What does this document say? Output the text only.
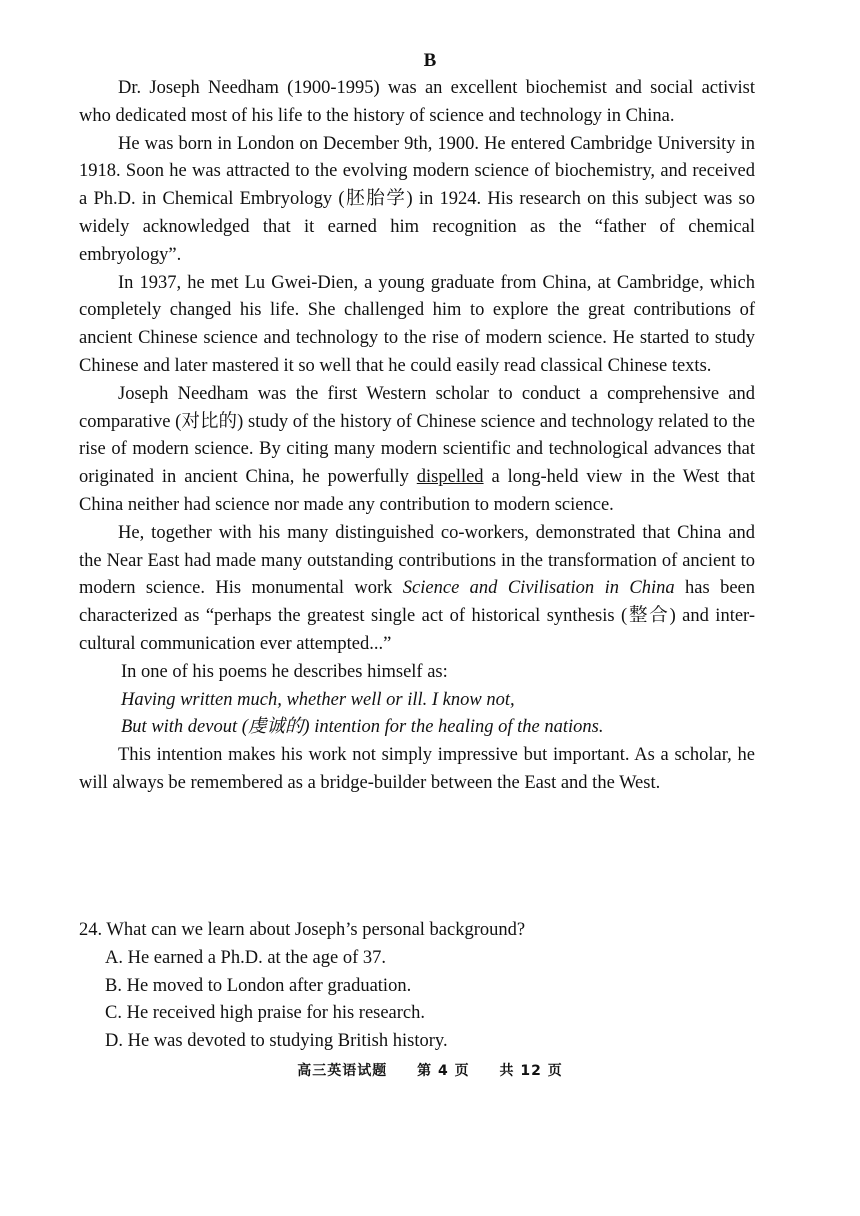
B

Dr. Joseph Needham (1900-1995) was an excellent biochemist and social activist who dedicated most of his life to the history of science and technology in China.

He was born in London on December 9th, 1900. He entered Cambridge University in 1918. Soon he was attracted to the evolving modern science of biochemistry, and received a Ph.D. in Chemical Embryology (胚胎学) in 1924. His research on this subject was so widely acknowledged that it earned him recognition as the “father of chemical embryology”.

In 1937, he met Lu Gwei-Dien, a young graduate from China, at Cambridge, which completely changed his life. She challenged him to explore the great contributions of ancient Chinese science and technology to the rise of modern science. He started to study Chinese and later mastered it so well that he could easily read classical Chinese texts.

Joseph Needham was the first Western scholar to conduct a comprehensive and comparative (对比的) study of the history of Chinese science and technology related to the rise of modern science. By citing many modern scientific and technological advances that originated in ancient China, he powerfully dispelled a long-held view in the West that China neither had science nor made any contribution to modern science.

He, together with his many distinguished co-workers, demonstrated that China and the Near East had made many outstanding contributions in the transformation of ancient to modern science. His monumental work Science and Civilisation in China has been characterized as “perhaps the greatest single act of historical synthesis (整合) and inter-cultural communication ever attempted...”

In one of his poems he describes himself as:
Having written much, whether well or ill. I know not,
But with devout (虔诚的) intention for the healing of the nations.

This intention makes his work not simply impressive but important. As a scholar, he will always be remembered as a bridge-builder between the East and the West.

24. What can we learn about Joseph’s personal background?
A. He earned a Ph.D. at the age of 37.
B. He moved to London after graduation.
C. He received high praise for his research.
D. He was devoted to studying British history.
高三英语试题 第 4 页 共 12 页
